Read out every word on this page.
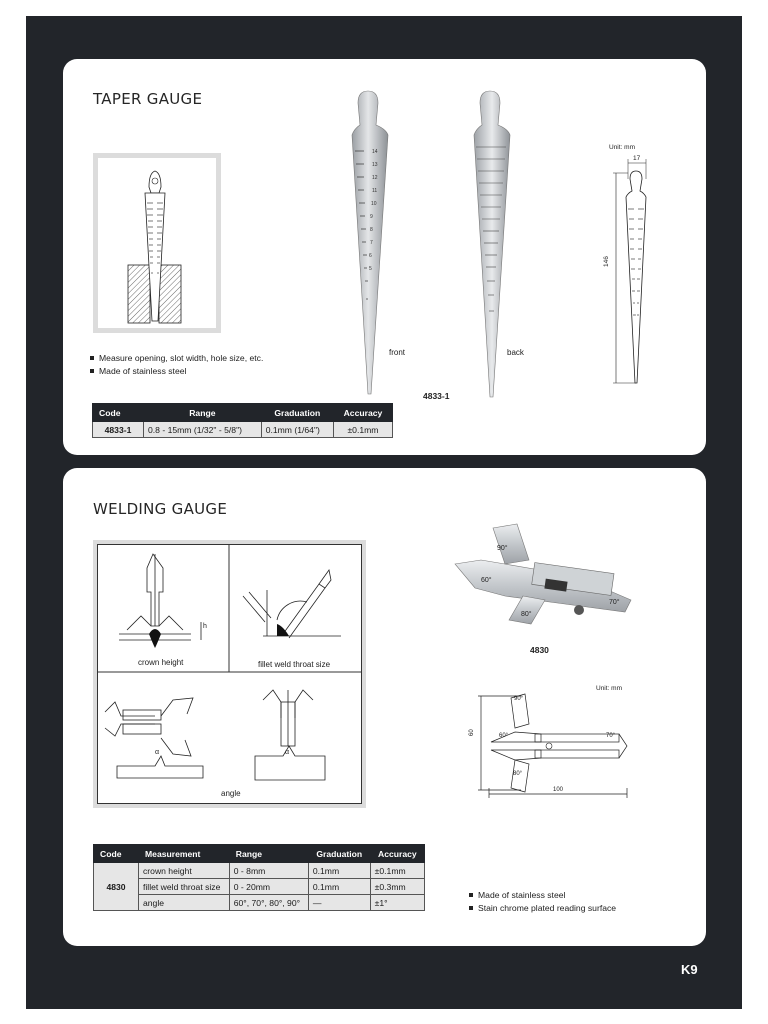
TAPER GAUGE
Measure opening, slot width, hole size, etc.
Made of stainless steel
Code	Range	Graduation	Accuracy
4833-1	0.8 - 15mm (1/32" - 5/8")	0.1mm (1/64")	±0.1mm
14
13
12
11
10
9
8
7
6
5
front	back
4833-1
Unit: mm
17
146
WELDING GAUGE
α	α
h
crown height	fillet weld throat size
angle
90°
60°
70°
80°
4830
Unit: mm
90°
60°	70°
80°
60
100
Code	Measurement	Range	Graduation	Accuracy
4830	crown height	0 - 8mm	0.1mm	±0.1mm
	fillet weld throat size	0 - 20mm	0.1mm	±0.3mm
	angle	60°, 70°, 80°, 90°	—	±1°
Made of stainless steel
Stain chrome plated reading surface
K9
